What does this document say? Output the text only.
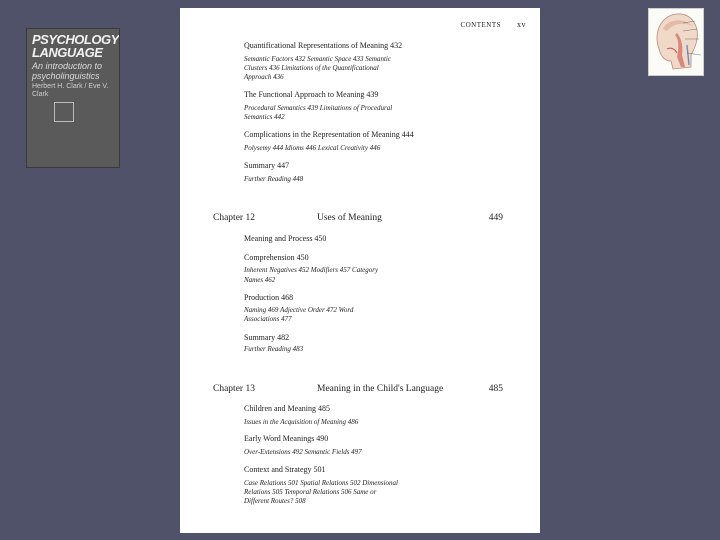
PSYCHOLOGY
LANGUAGE
An introduction to psycholinguistics
Herbert H. Clark / Eve V. Clark
CONTENTS xv
Quantificational Representations of Meaning 432
Semantic Factors 432 Semantic Space 433 Semantic
Clusters 436 Limitations of the Quantificational
Approach 436
The Functional Approach to Meaning 439
Procedural Semantics 439 Limitations of Procedural
Semantics 442
Complications in the Representation of Meaning 444
Polysemy 444 Idioms 446 Lexical Creativity 446
Summary 447
Further Reading 448
Chapter 12	Uses of Meaning	449
Meaning and Process 450
Comprehension 450
Inherent Negatives 452 Modifiers 457 Category
Names 462
Production 468
Naming 469 Adjective Order 472 Word
Associations 477
Summary 482
Further Reading 483
Chapter 13	Meaning in the Child's Language	485
Children and Meaning 485
Issues in the Acquisition of Meaning 486
Early Word Meanings 490
Over-Extensions 492 Semantic Fields 497
Context and Strategy 501
Case Relations 501 Spatial Relations 502 Dimensional
Relations 505 Temporal Relations 506 Same or
Different Routes? 508
